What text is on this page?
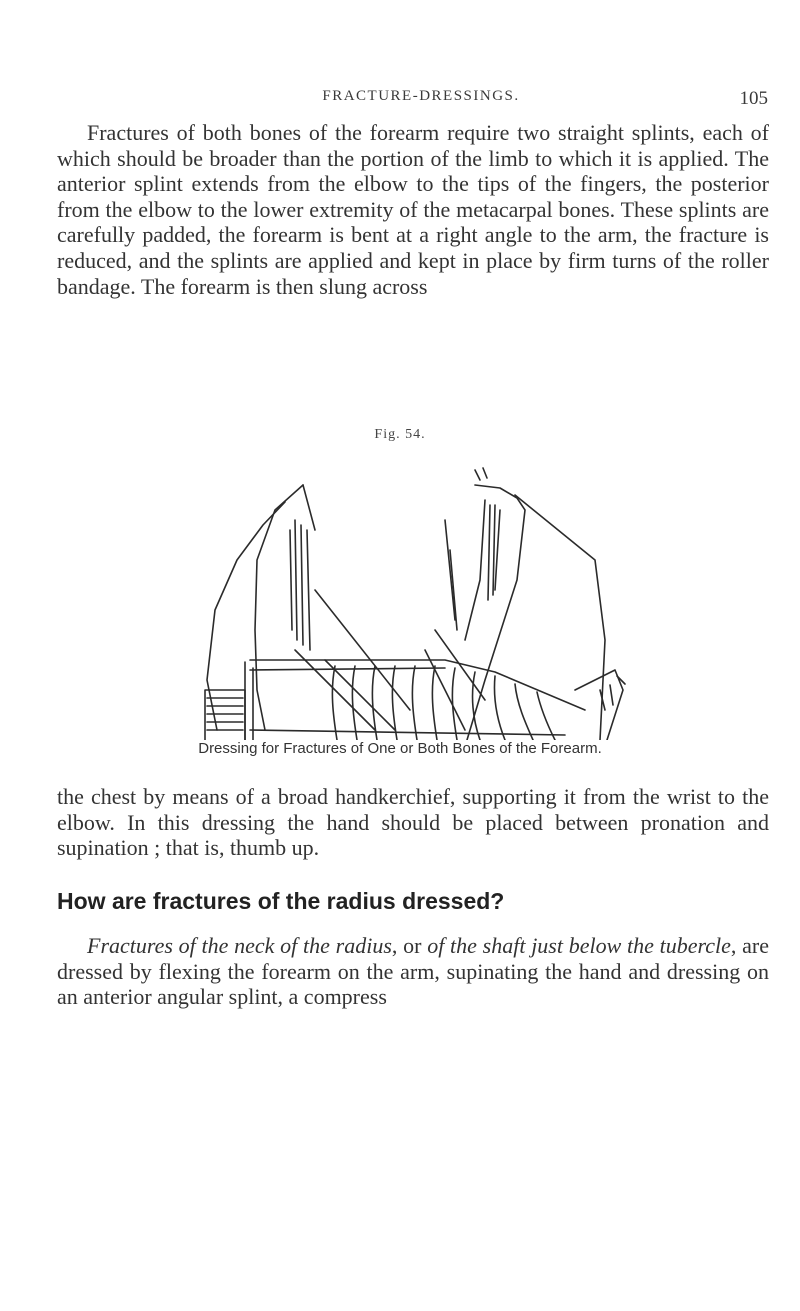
FRACTURE-DRESSINGS.	105

Fractures of both bones of the forearm require two straight splints, each of which should be broader than the portion of the limb to which it is applied. The anterior splint extends from the elbow to the tips of the fingers, the posterior from the elbow to the lower extremity of the metacarpal bones. These splints are carefully padded, the forearm is bent at a right angle to the arm, the fracture is reduced, and the splints are applied and kept in place by firm turns of the roller bandage. The forearm is then slung across

Fig. 54.
Dressing for Fractures of One or Both Bones of the Forearm.

the chest by means of a broad handkerchief, supporting it from the wrist to the elbow. In this dressing the hand should be placed between pronation and supination ; that is, thumb up.

How are fractures of the radius dressed?

Fractures of the neck of the radius, or of the shaft just below the tubercle, are dressed by flexing the forearm on the arm, supinating the hand and dressing on an anterior angular splint, a compress
